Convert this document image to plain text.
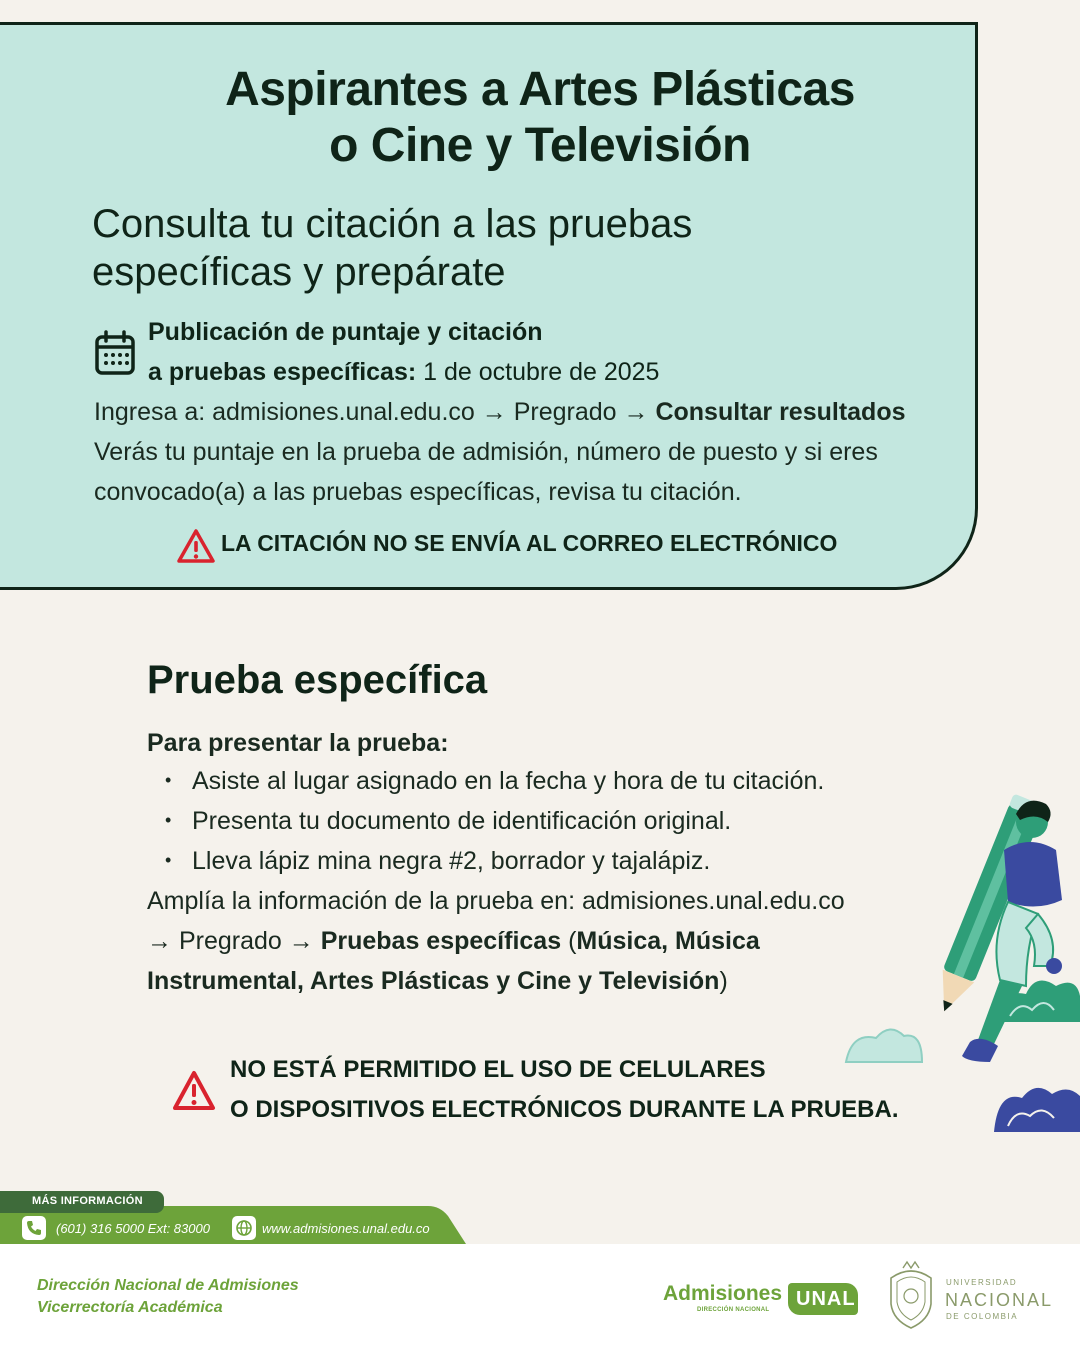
Aspirantes a Artes Plásticas
o Cine y Televisión
Consulta tu citación a las pruebas
específicas y prepárate
Publicación de puntaje y citación
a pruebas específicas: 1 de octubre de 2025
Ingresa a: admisiones.unal.edu.co → Pregrado → Consultar resultados
Verás tu puntaje en la prueba de admisión, número de puesto y si eres
convocado(a) a las pruebas específicas, revisa tu citación.
LA CITACIÓN NO SE ENVÍA AL CORREO ELECTRÓNICO
Prueba específica
Para presentar la prueba:
• Asiste al lugar asignado en la fecha y hora de tu citación.
• Presenta tu documento de identificación original.
• Lleva lápiz mina negra #2, borrador y tajalápiz.
Amplía la información de la prueba en: admisiones.unal.edu.co
→ Pregrado → Pruebas específicas (Música, Música
Instrumental, Artes Plásticas y Cine y Televisión)
NO ESTÁ PERMITIDO EL USO DE CELULARES
O DISPOSITIVOS ELECTRÓNICOS DURANTE LA PRUEBA.
MÁS INFORMACIÓN
(601) 316 5000 Ext: 83000	www.admisiones.unal.edu.co
Dirección Nacional de Admisiones
Vicerrectoría Académica
Admisiones
DIRECCIÓN NACIONAL UNAL
UNIVERSIDAD
NACIONAL
DE COLOMBIA
